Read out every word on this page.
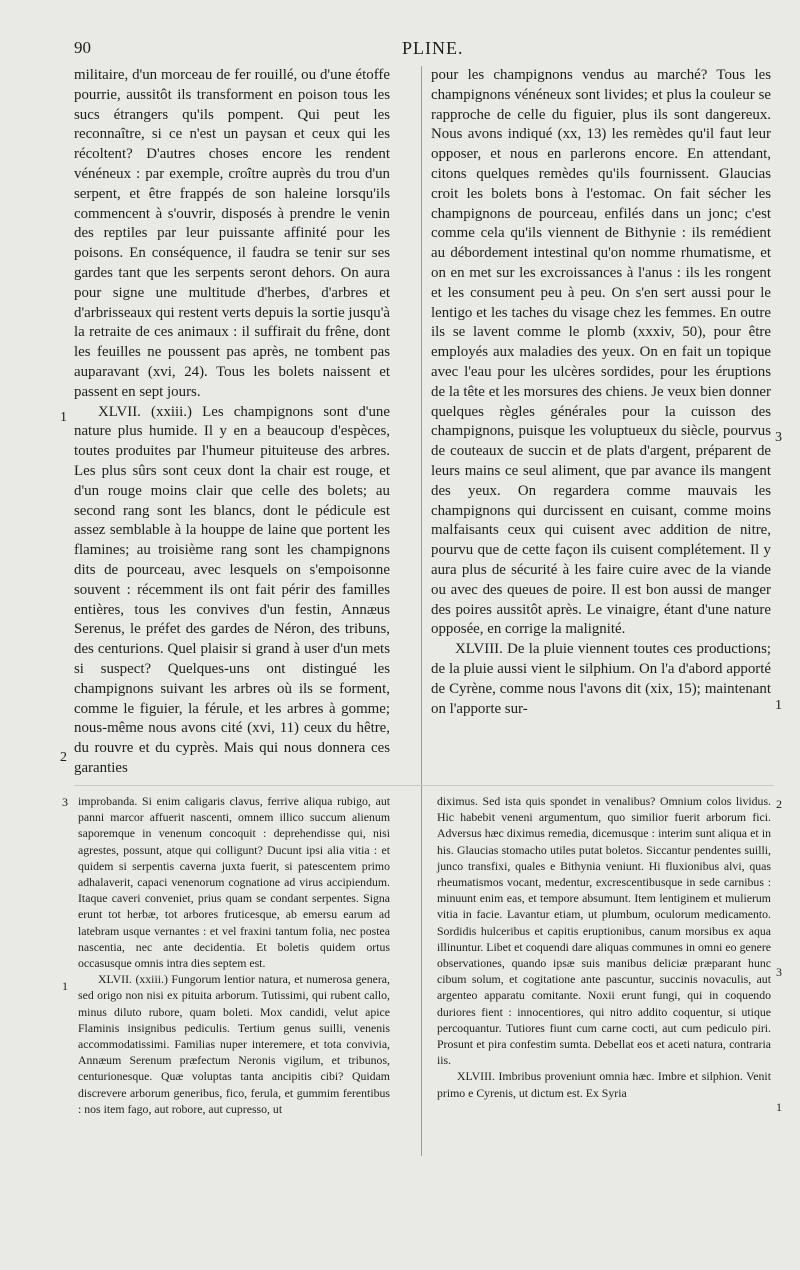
90	PLINE.

militaire, d'un morceau de fer rouillé, ou d'une étoffe pourrie, aussitôt ils transforment en poison tous les sucs étrangers qu'ils pompent. Qui peut les reconnaître, si ce n'est un paysan et ceux qui les récoltent? D'autres choses encore les rendent vénéneux : par exemple, croître auprès du trou d'un serpent, et être frappés de son haleine lorsqu'ils commencent à s'ouvrir, disposés à prendre le venin des reptiles par leur puissante affinité pour les poisons. En conséquence, il faudra se tenir sur ses gardes tant que les serpents seront dehors. On aura pour signe une multitude d'herbes, d'arbres et d'arbrisseaux qui restent verts depuis la sortie jusqu'à la retraite de ces animaux : il suffirait du frêne, dont les feuilles ne poussent pas après, ne tombent pas auparavant (xvi, 24). Tous les bolets naissent et passent en sept jours.

XLVII. (xxiii.) Les champignons sont d'une nature plus humide. Il y en a beaucoup d'espèces, toutes produites par l'humeur pituiteuse des arbres. Les plus sûrs sont ceux dont la chair est rouge, et d'un rouge moins clair que celle des bolets; au second rang sont les blancs, dont le pédicule est assez semblable à la houppe de laine que portent les flamines; au troisième rang sont les champignons dits de pourceau, avec lesquels on s'empoisonne souvent : récemment ils ont fait périr des familles entières, tous les convives d'un festin, Annæus Serenus, le préfet des gardes de Néron, des tribuns, des centurions. Quel plaisir si grand à user d'un mets si suspect? Quelques-uns ont distingué les champignons suivant les arbres où ils se forment, comme le figuier, la férule, et les arbres à gomme; nous-même nous avons cité (xvi, 11) ceux du hêtre, du rouvre et du cyprès. Mais qui nous donnera ces garanties

pour les champignons vendus au marché? Tous les champignons vénéneux sont livides; et plus la couleur se rapproche de celle du figuier, plus ils sont dangereux. Nous avons indiqué (xx, 13) les remèdes qu'il faut leur opposer, et nous en parlerons encore. En attendant, citons quelques remèdes qu'ils fournissent. Glaucias croit les bolets bons à l'estomac. On fait sécher les champignons de pourceau, enfilés dans un jonc; c'est comme cela qu'ils viennent de Bithynie : ils remédient au débordement intestinal qu'on nomme rhumatisme, et on en met sur les excroissances à l'anus : ils les rongent et les consument peu à peu. On s'en sert aussi pour le lentigo et les taches du visage chez les femmes. En outre ils se lavent comme le plomb (xxxiv, 50), pour être employés aux maladies des yeux. On en fait un topique avec l'eau pour les ulcères sordides, pour les éruptions de la tête et les morsures des chiens. Je veux bien donner quelques règles générales pour la cuisson des champignons, puisque les voluptueux du siècle, pourvus de couteaux de succin et de plats d'argent, préparent de leurs mains ce seul aliment, que par avance ils mangent des yeux. On regardera comme mauvais les champignons qui durcissent en cuisant, comme moins malfaisants ceux qui cuisent avec addition de nitre, pourvu que de cette façon ils cuisent complétement. Il y aura plus de sécurité à les faire cuire avec de la viande ou avec des queues de poire. Il est bon aussi de manger des poires aussitôt après. Le vinaigre, étant d'une nature opposée, en corrige la malignité.

XLVIII. De la pluie viennent toutes ces productions; de la pluie aussi vient le silphium. On l'a d'abord apporté de Cyrène, comme nous l'avons dit (xix, 15); maintenant on l'apporte sur-

1
2
3
1

improbanda. Si enim caligaris clavus, ferrive aliqua rubigo, aut panni marcor affuerit nascenti, omnem illico succum alienum saporemque in venenum concoquit : deprehendisse qui, nisi agrestes, possunt, atque qui colligunt? Ducunt ipsi alia vitia : et quidem si serpentis caverna juxta fuerit, si patescentem primo adhalaverit, capaci venenorum cognatione ad virus accipiendum. Itaque caveri conveniet, prius quam se condant serpentes. Signa erunt tot herbæ, tot arbores fruticesque, ab emersu earum ad latebram usque vernantes : et vel fraxini tantum folia, nec postea nascentia, nec ante decidentia. Et boletis quidem ortus occasusque omnis intra dies septem est.

XLVII. (xxiii.) Fungorum lentior natura, et numerosa genera, sed origo non nisi ex pituita arborum. Tutissimi, qui rubent callo, minus diluto rubore, quam boleti. Mox candidi, velut apice Flaminis insignibus pediculis. Tertium genus suilli, venenis accommodatissimi. Familias nuper interemere, et tota convivia, Annæum Serenum præfectum Neronis vigilum, et tribunos, centurionesque. Quæ voluptas tanta ancipitis cibi? Quidam discrevere arborum generibus, fico, ferula, et gummim ferentibus : nos item fago, aut robore, aut cupresso, ut

diximus. Sed ista quis spondet in venalibus? Omnium colos lividus. Hic habebit veneni argumentum, quo similior fuerit arborum fici. Adversus hæc diximus remedia, dicemusque : interim sunt aliqua et in his. Glaucias stomacho utiles putat boletos. Siccantur pendentes suilli, junco transfixi, quales e Bithynia veniunt. Hi fluxionibus alvi, quas rheumatismos vocant, medentur, excrescentibusque in sede carnibus : minuunt enim eas, et tempore absumunt. Item lentiginem et mulierum vitia in facie. Lavantur etiam, ut plumbum, oculorum medicamento. Sordidis hulceribus et capitis eruptionibus, canum morsibus ex aqua illinuntur. Libet et coquendi dare aliquas communes in omni eo genere observationes, quando ipsæ suis manibus deliciæ præparant hunc cibum solum, et cogitatione ante pascuntur, succinis novaculis, aut argenteo apparatu comitante. Noxii erunt fungi, qui in coquendo duriores fient : innocentiores, qui nitro addito coquentur, si utique percoquantur. Tutiores fiunt cum carne cocti, aut cum pediculo piri. Prosunt et pira confestim sumta. Debellat eos et aceti natura, contraria iis.

XLVIII. Imbribus proveniunt omnia hæc. Imbre et silphion. Venit primo e Cyrenis, ut dictum est. Ex Syria

3
1
2
3
1
